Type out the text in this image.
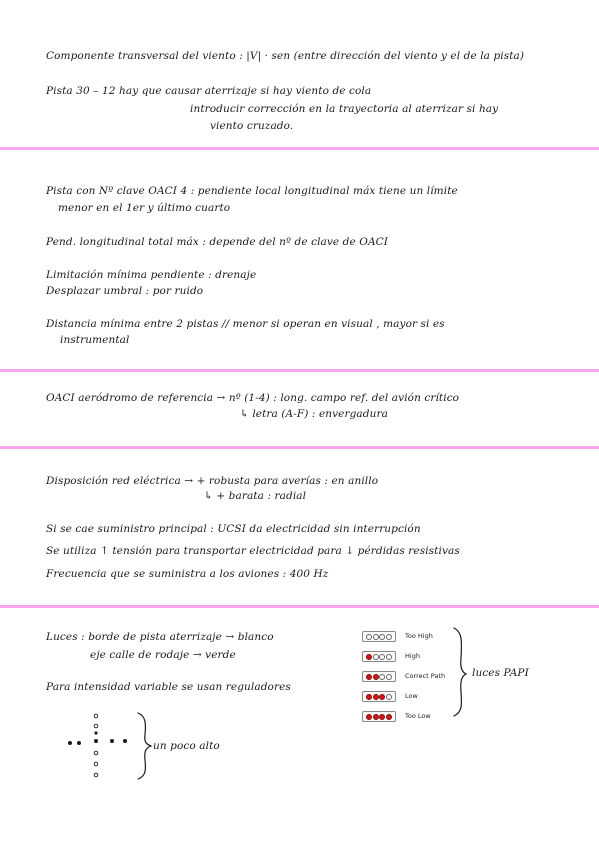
Componente transversal del viento : |V| · sen (entre dirección del viento y el de la pista)
Pista 30 – 12 hay que causar aterrizaje si hay viento de cola
introducir corrección en la trayectoria al aterrizar si hay
viento cruzado.
Pista con Nº clave OACI 4 : pendiente local longitudinal máx tiene un límite
menor en el 1er y último cuarto
Pend. longitudinal total máx : depende del nº de clave de OACI
Limitación mínima pendiente : drenaje
Desplazar umbral : por ruido
Distancia mínima entre 2 pistas // menor si operan en visual , mayor si es
instrumental
OACI aeródromo de referencia → nº (1-4) : long. campo ref. del avión crítico
↳ letra (A-F) : envergadura
Disposición red eléctrica → + robusta para averías : en anillo
↳ + barata : radial
Si se cae suministro principal : UCSI da electricidad sin interrupción
Se utiliza ↑ tensión para transportar electricidad para ↓ pérdidas resistivas
Frecuencia que se suministra a los aviones : 400 Hz
Luces : borde de pista aterrizaje → blanco
eje calle de rodaje → verde
Para intensidad variable se usan reguladores
Too High
High
Correct Path
Low
Too Low
luces PAPI
un poco alto
